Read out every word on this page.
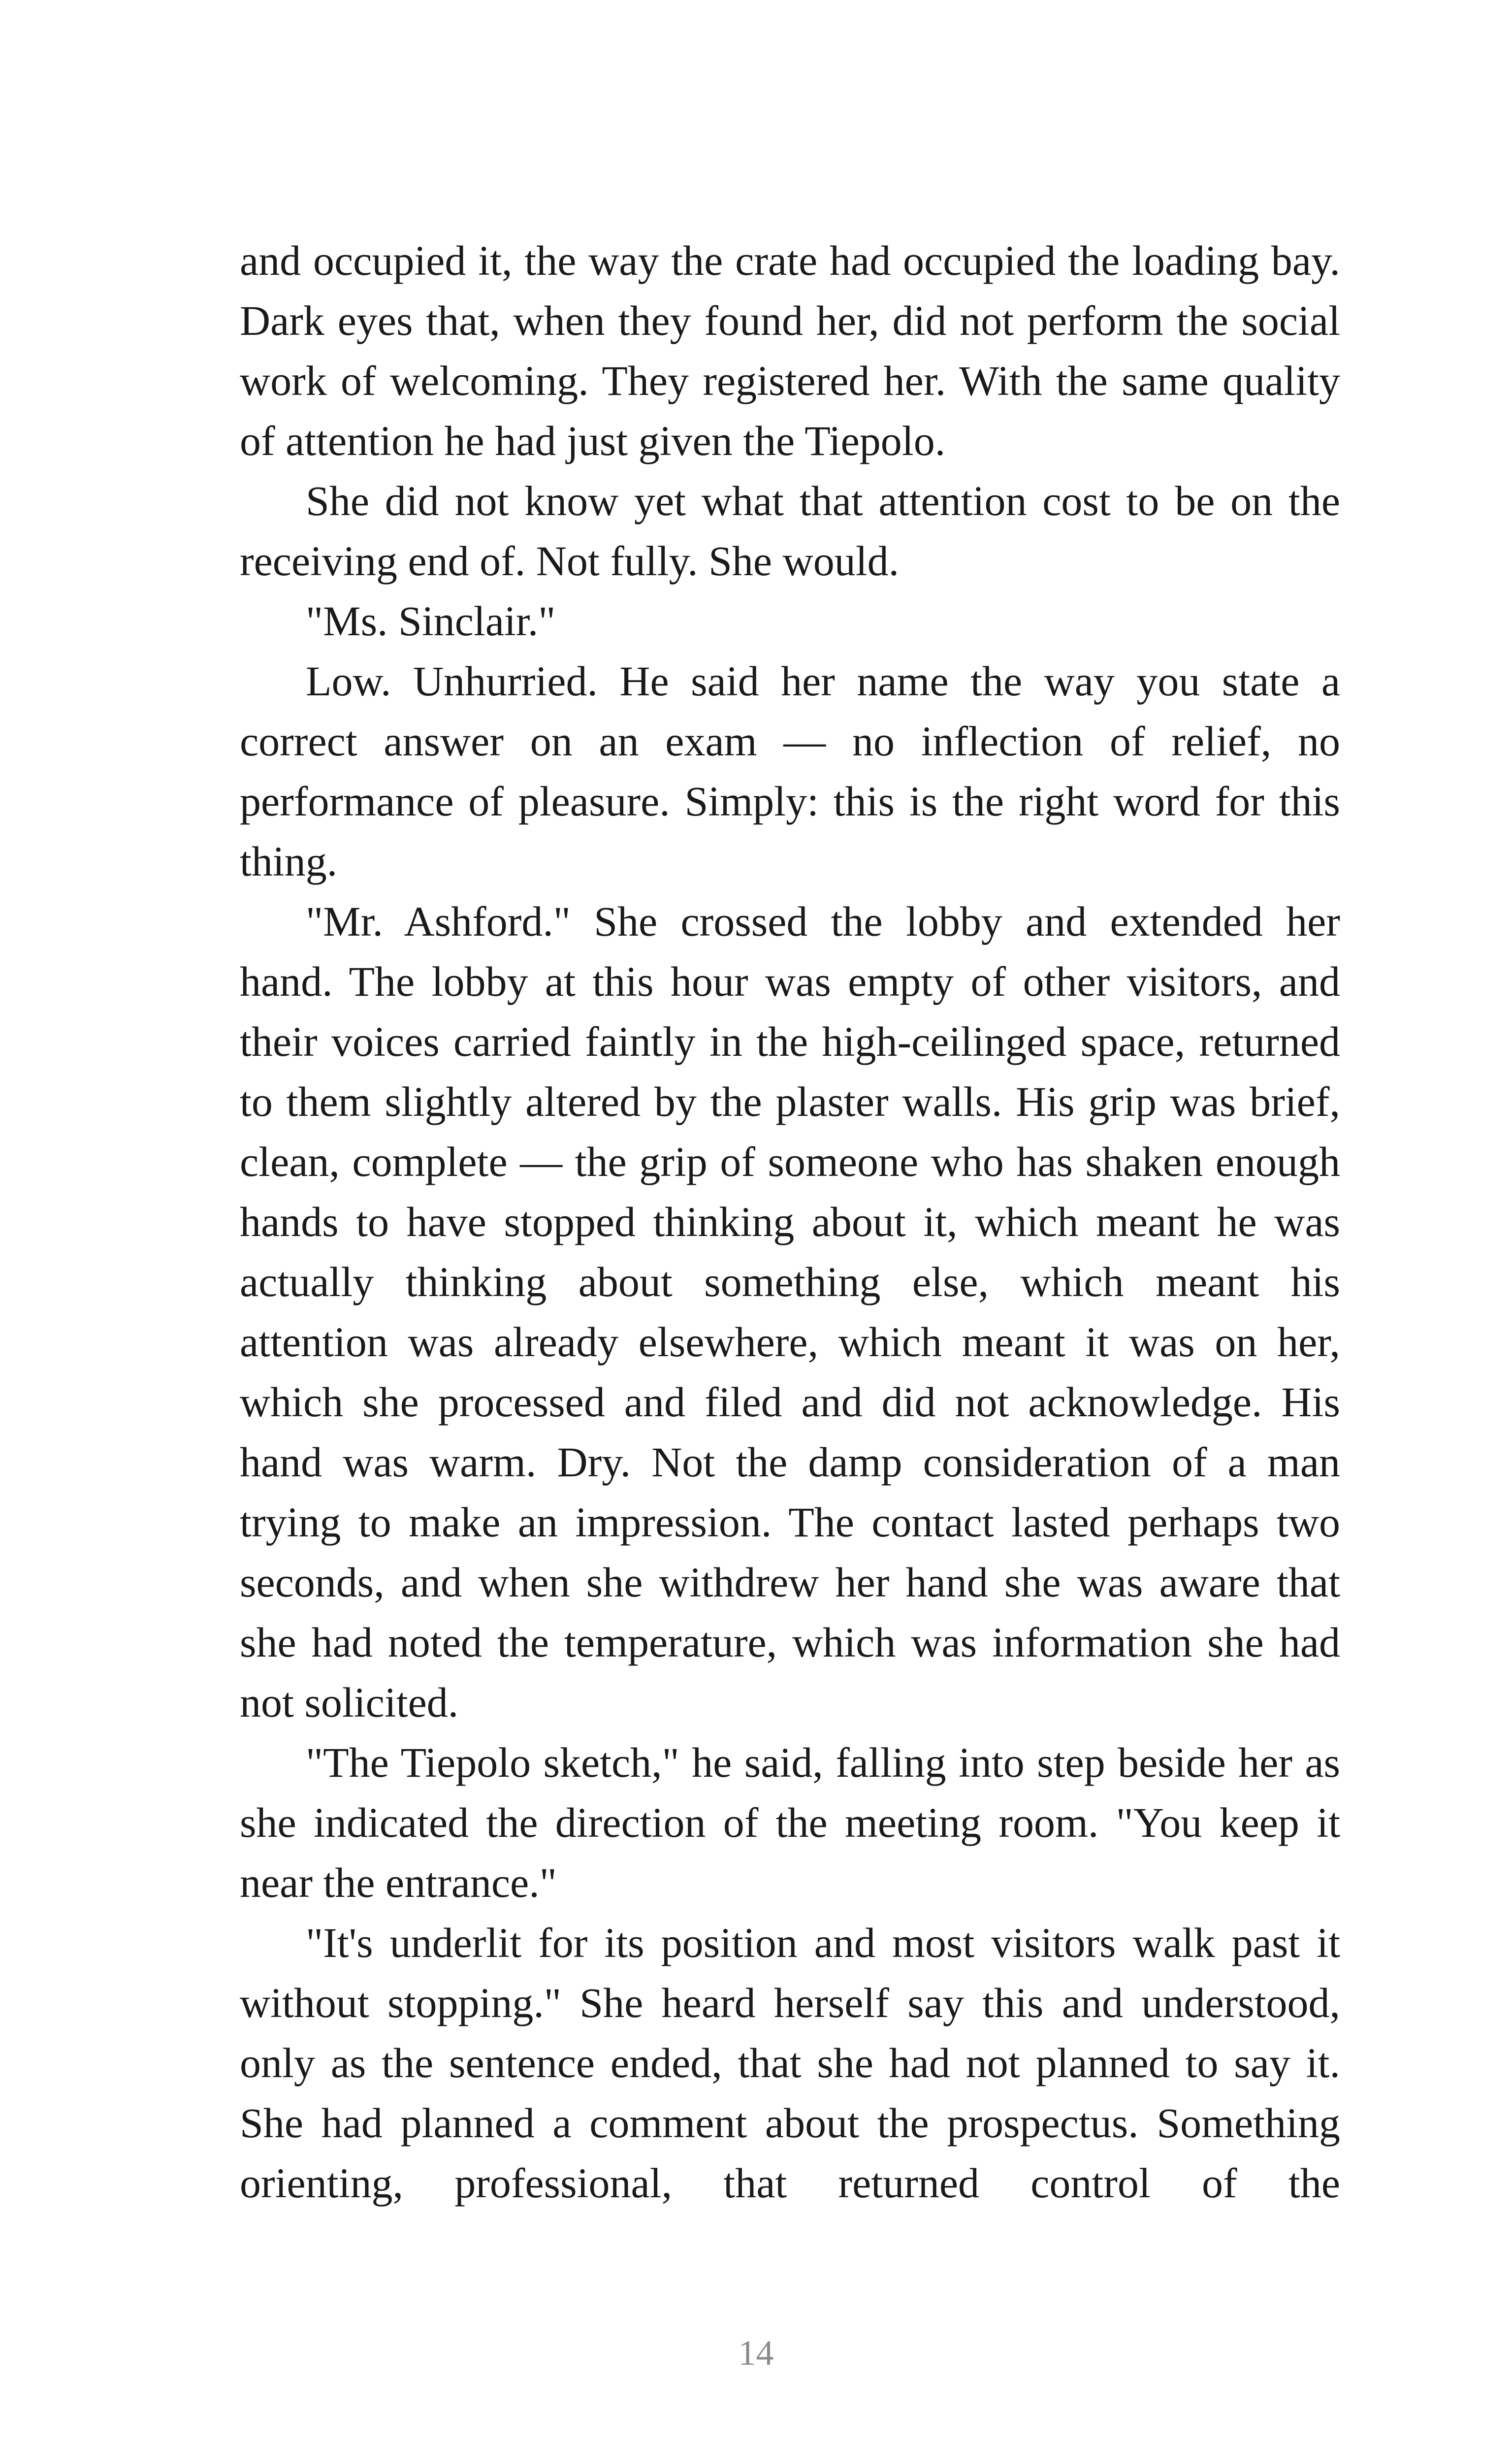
and occupied it, the way the crate had occupied the loading bay. Dark eyes that, when they found her, did not perform the social work of welcoming. They registered her. With the same quality of attention he had just given the Tiepolo.

She did not know yet what that attention cost to be on the receiving end of. Not fully. She would.

"Ms. Sinclair."

Low. Unhurried. He said her name the way you state a correct answer on an exam — no inflection of relief, no performance of pleasure. Simply: this is the right word for this thing.

"Mr. Ashford." She crossed the lobby and extended her hand. The lobby at this hour was empty of other visitors, and their voices carried faintly in the high-ceilinged space, returned to them slightly altered by the plaster walls. His grip was brief, clean, complete — the grip of someone who has shaken enough hands to have stopped thinking about it, which meant he was actually thinking about something else, which meant his attention was already elsewhere, which meant it was on her, which she processed and filed and did not acknowledge. His hand was warm. Dry. Not the damp consideration of a man trying to make an impression. The contact lasted perhaps two seconds, and when she withdrew her hand she was aware that she had noted the temperature, which was information she had not solicited.

"The Tiepolo sketch," he said, falling into step beside her as she indicated the direction of the meeting room. "You keep it near the entrance."

"It's underlit for its position and most visitors walk past it without stopping." She heard herself say this and understood, only as the sentence ended, that she had not planned to say it. She had planned a comment about the prospectus. Something orienting, professional, that returned control of the

14
